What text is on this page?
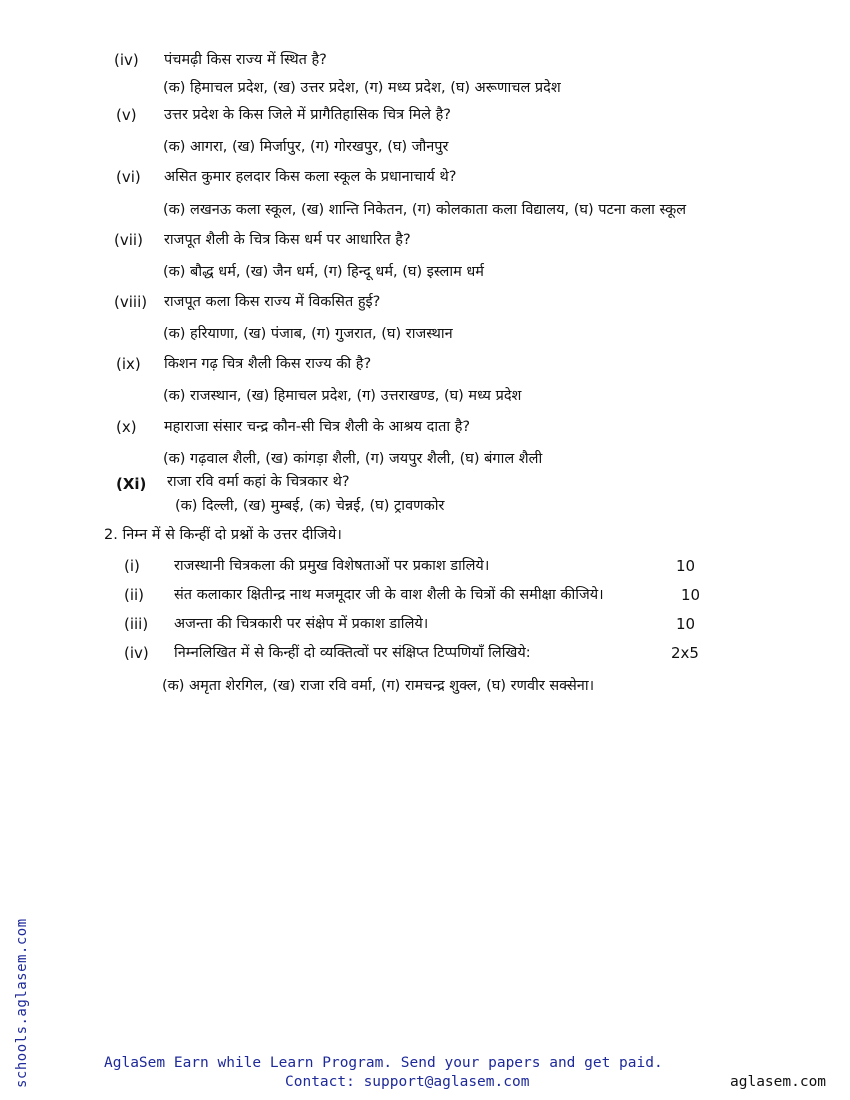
(iv) पंचमढ़ी किस राज्य में स्थित है?
(क) हिमाचल प्रदेश, (ख) उत्तर प्रदेश, (ग) मध्य प्रदेश, (घ) अरूणाचल प्रदेश
(v) उत्तर प्रदेश के किस जिले में प्रागैतिहासिक चित्र मिले है?
(क) आगरा, (ख) मिर्जापुर, (ग) गोरखपुर, (घ) जौनपुर
(vi) असित कुमार हलदार किस कला स्कूल के प्रधानाचार्य थे?
(क) लखनऊ कला स्कूल, (ख) शान्ति निकेतन, (ग) कोलकाता कला विद्यालय, (घ) पटना कला स्कूल
(vii) राजपूत शैली के चित्र किस धर्म पर आधारित है?
(क) बौद्ध धर्म, (ख) जैन धर्म, (ग) हिन्दू धर्म, (घ) इस्लाम धर्म
(viii) राजपूत कला किस राज्य में विकसित हुई?
(क) हरियाणा, (ख) पंजाब, (ग) गुजरात, (घ) राजस्थान
(ix) किशन गढ़ चित्र शैली किस राज्य की है?
(क) राजस्थान, (ख) हिमाचल प्रदेश, (ग) उत्तराखण्ड, (घ) मध्य प्रदेश
(x) महाराजा संसार चन्द्र कौन-सी चित्र शैली के आश्रय दाता है?
(क) गढ़वाल शैली, (ख) कांगड़ा शैली, (ग) जयपुर शैली, (घ) बंगाल शैली
(Xi) राजा रवि वर्मा कहां के चित्रकार थे?
(क) दिल्ली, (ख) मुम्बई, (क) चेन्नई, (घ) ट्रावणकोर
2. निम्न में से किन्हीं दो प्रश्नों के उत्तर दीजिये।
(i) राजस्थानी चित्रकला की प्रमुख विशेषताओं पर प्रकाश डालिये।	10
(ii) संत कलाकार क्षितीन्द्र नाथ मजमूदार जी के वाश शैली के चित्रों की समीक्षा कीजिये।	10
(iii) अजन्ता की चित्रकारी पर संक्षेप में प्रकाश डालिये।	10
(iv) निम्नलिखित में से किन्हीं दो व्यक्तित्वों पर संक्षिप्त टिप्पणियाँ लिखिये:	2x5
(क) अमृता शेरगिल, (ख) राजा रवि वर्मा, (ग) रामचन्द्र शुक्ल, (घ) रणवीर सक्सेना।
schools.aglasem.com	AglaSem Earn while Learn Program. Send your papers and get paid.
Contact: support@aglasem.com	aglasem.com
